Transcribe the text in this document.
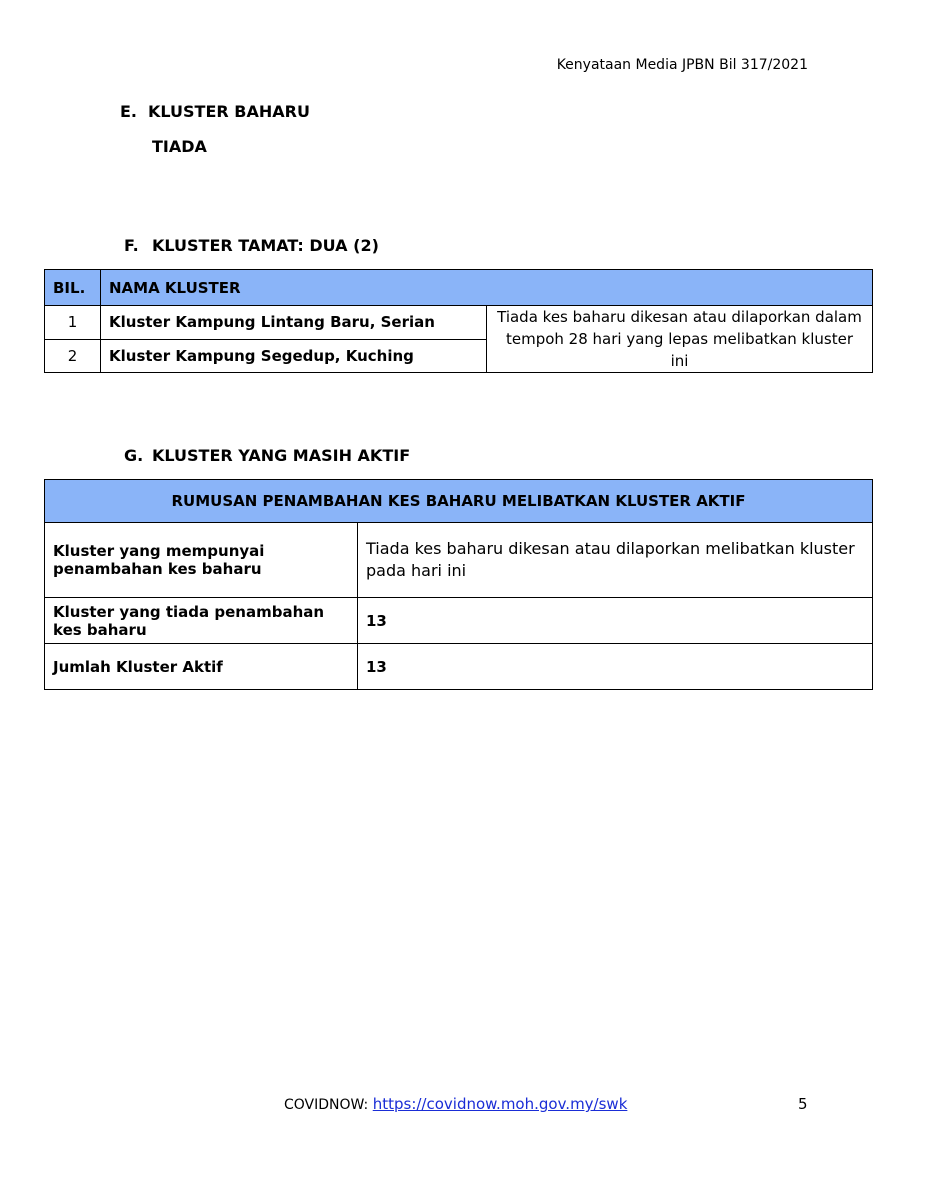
Kenyataan Media JPBN Bil 317/2021
E. KLUSTER BAHARU
TIADA
F. KLUSTER TAMAT: DUA (2)
BIL.	NAMA KLUSTER	
1	Kluster Kampung Lintang Baru, Serian	Tiada kes baharu dikesan atau dilaporkan dalam tempoh 28 hari yang lepas melibatkan kluster ini
2	Kluster Kampung Segedup, Kuching	
G. KLUSTER YANG MASIH AKTIF
RUMUSAN PENAMBAHAN KES BAHARU MELIBATKAN KLUSTER AKTIF	
Kluster yang mempunyai penambahan kes baharu	Tiada kes baharu dikesan atau dilaporkan melibatkan kluster pada hari ini
Kluster yang tiada penambahan kes baharu	13
Jumlah Kluster Aktif	13
COVIDNOW: https://covidnow.moh.gov.my/swk	5
